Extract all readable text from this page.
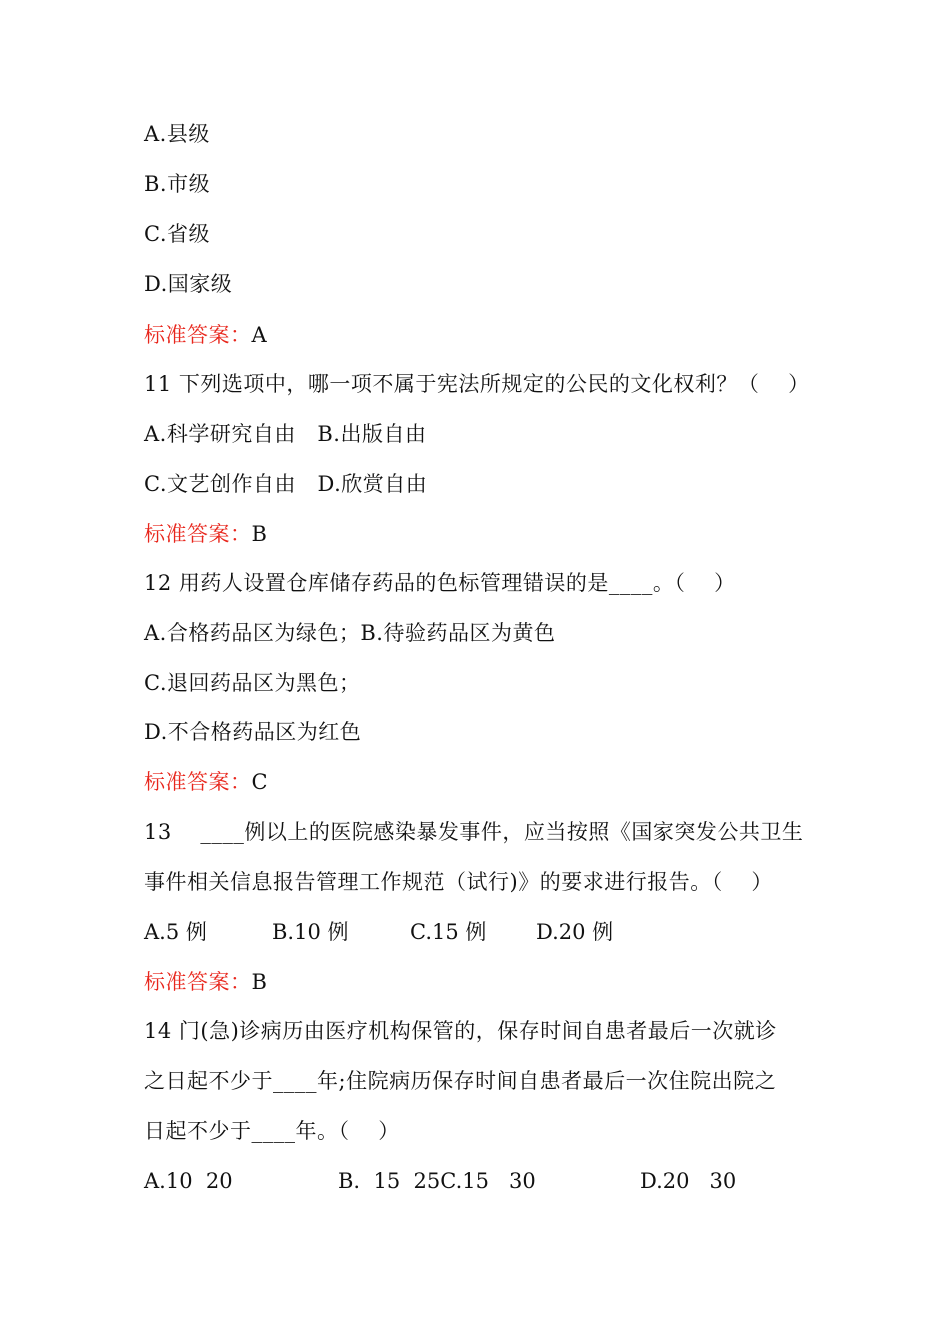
A.县级
B.市级
C.省级
D.国家级
标准答案：A
11 下列选项中，哪一项不属于宪法所规定的公民的文化权利？（    ）
A.科学研究自由   B.出版自由
C.文艺创作自由   D.欣赏自由
标准答案：B
12 用药人设置仓库储存药品的色标管理错误的是____。（    ）
A.合格药品区为绿色；B.待验药品区为黄色
C.退回药品区为黑色；
D.不合格药品区为红色
标准答案：C
13    ____例以上的医院感染暴发事件，应当按照《国家突发公共卫生
事件相关信息报告管理工作规范（试行)》的要求进行报告。（    ）
A.5 例	B.10 例	C.15 例 D.20 例
标准答案：B
14 门(急)诊病历由医疗机构保管的，保存时间自患者最后一次就诊
之日起不少于____年;住院病历保存时间自患者最后一次住院出院之
日起不少于____年。（    ）
A.10  20	B.  15  25C.15   30	D.20   30
